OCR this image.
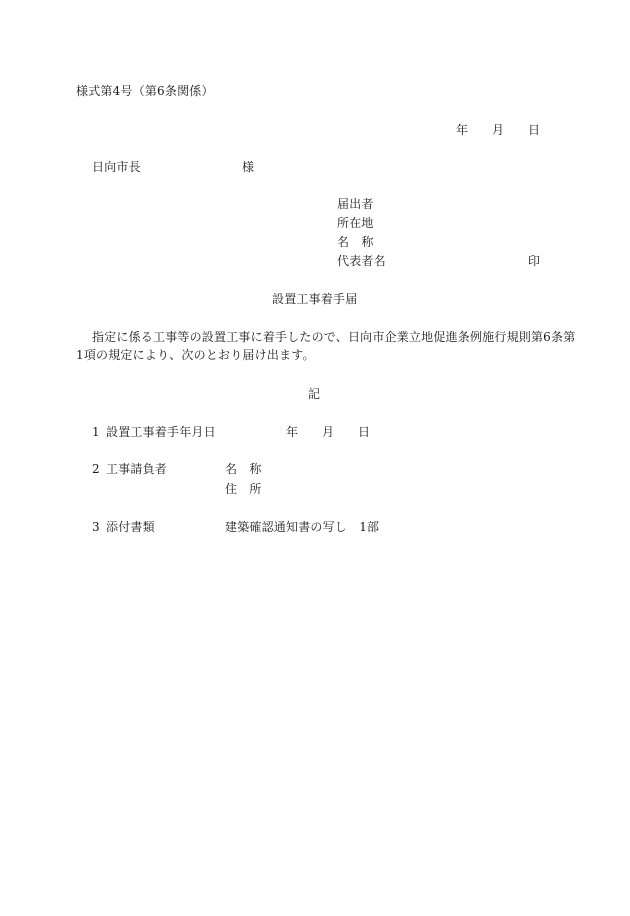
様式第4号（第6条関係）
年 月 日
日向市長	様
届出者
所在地
名　称
代表者名	印
設置工事着手届
指定に係る工事等の設置工事に着手したので、日向市企業立地促進条例施行規則第6条第
1項の規定により、次のとおり届け出ます。
記
1 設置工事着手年月日	年 月 日
2 工事請負者	名　称
住　所
3 添付書類	建築確認通知書の写し　1部
